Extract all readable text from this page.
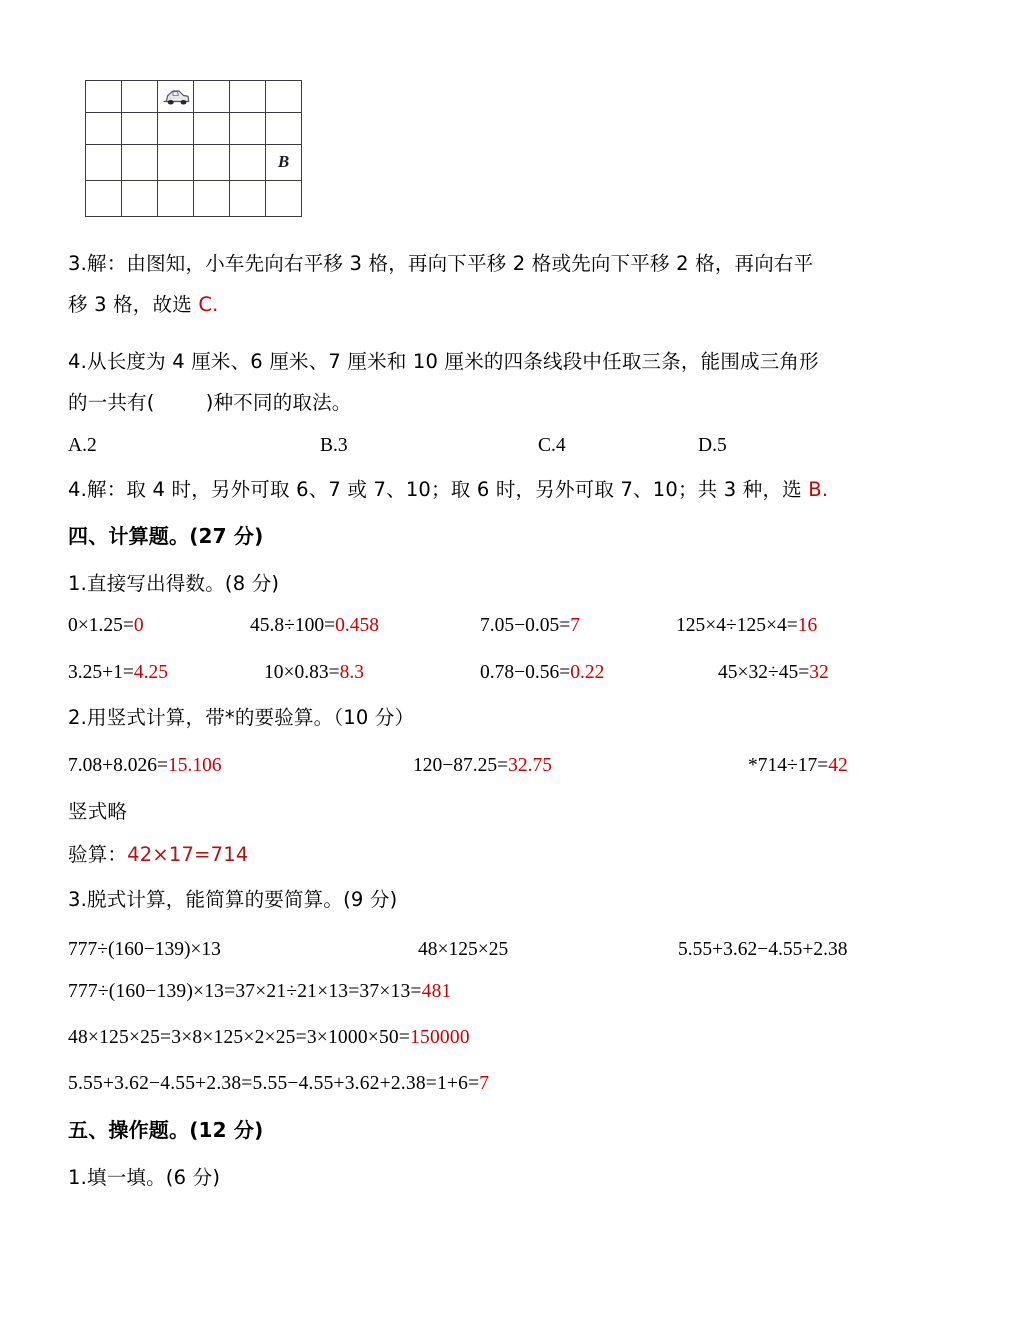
					B

3.解：由图知，小车先向右平移 3 格，再向下平移 2 格或先向下平移 2 格，再向右平
移 3 格，故选 C.
4.从长度为 4 厘米、6 厘米、7 厘米和 10 厘米的四条线段中任取三条，能围成三角形
的一共有(        )种不同的取法。
A.2	B.3	C.4	D.5
4.解：取 4 时，另外可取 6、7 或 7、10；取 6 时，另外可取 7、10；共 3 种，选 B.
四、计算题。(27 分)
1.直接写出得数。(8 分)
0×1.25=0	45.8÷100=0.458	7.05−0.05=7	125×4÷125×4=16
3.25+1=4.25	10×0.83=8.3	0.78−0.56=0.22	45×32÷45=32
2.用竖式计算，带*的要验算。（10 分）
7.08+8.026=15.106	120−87.25=32.75	*714÷17=42
竖式略
验算：42×17=714
3.脱式计算，能简算的要简算。(9 分)
777÷(160−139)×13	48×125×25	5.55+3.62−4.55+2.38
777÷(160−139)×13=37×21÷21×13=37×13=481
48×125×25=3×8×125×2×25=3×1000×50=150000
5.55+3.62−4.55+2.38=5.55−4.55+3.62+2.38=1+6=7
五、操作题。(12 分)
1.填一填。(6 分)
